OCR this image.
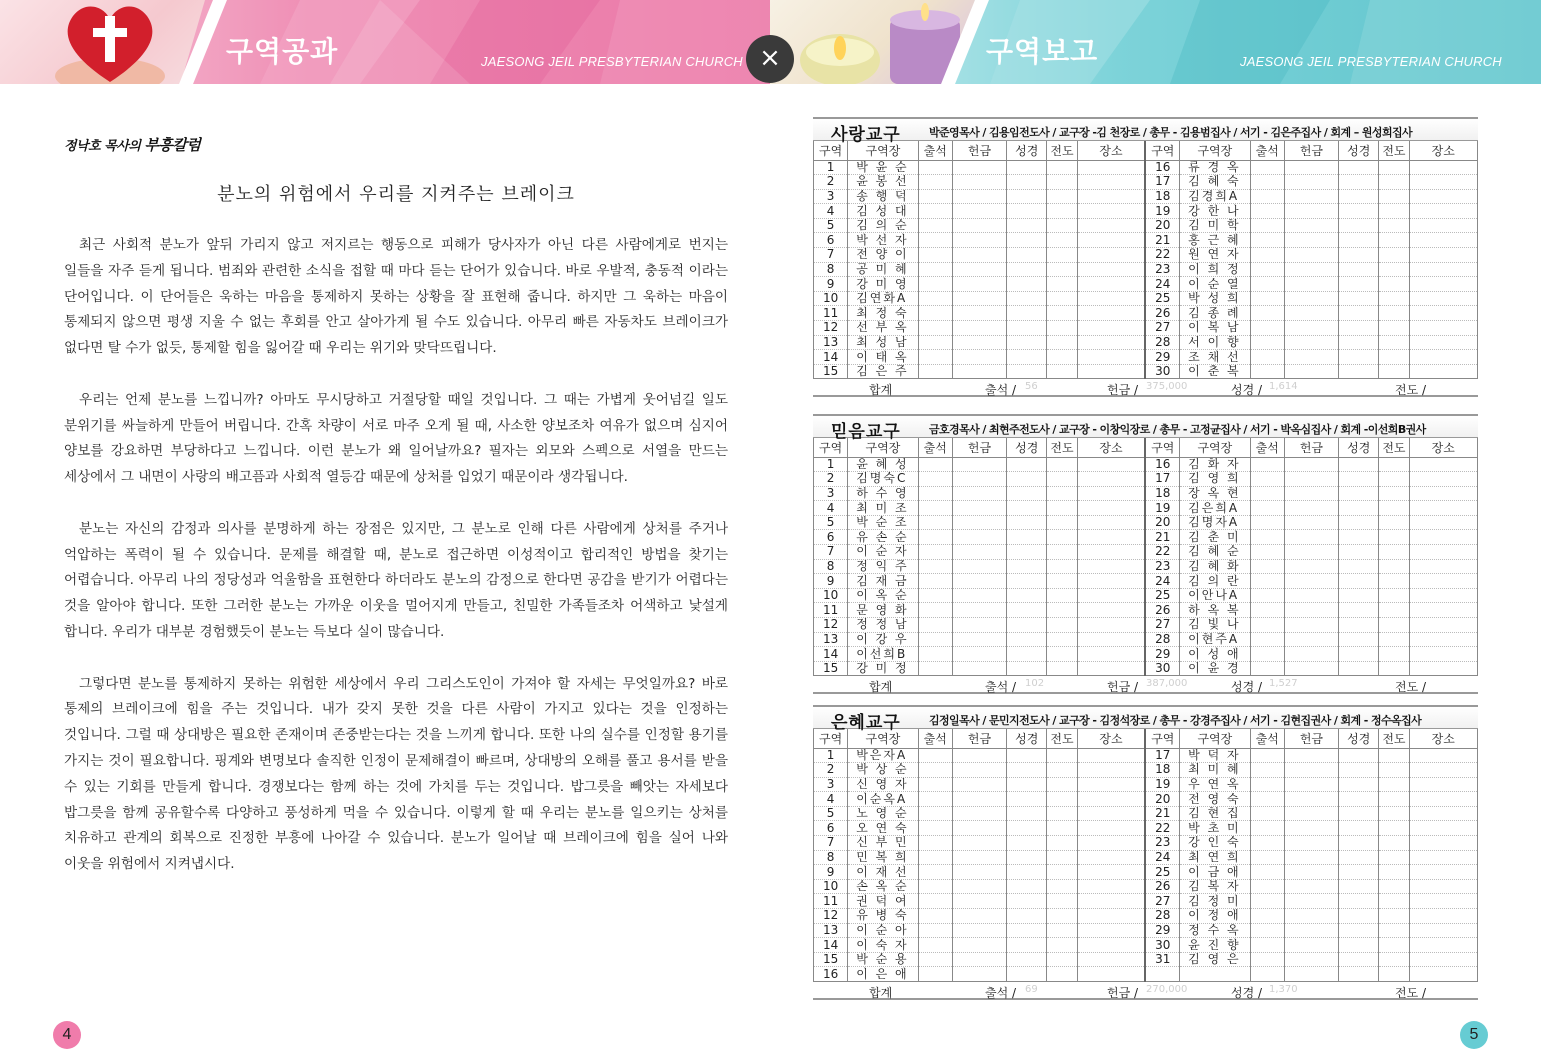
구역공과	JAESONG JEIL PRESBYTERIAN CHURCH	구역보고	JAESONG JEIL PRESBYTERIAN CHURCH
×
정낙호 목사의 부흥칼럼
분노의 위험에서 우리를 지켜주는 브레이크

최근 사회적 분노가 앞뒤 가리지 않고 저지르는 행동으로 피해가 당사자가 아닌 다른 사람에게로 번지는 일들을 자주 듣게 됩니다. 범죄와 관련한 소식을 접할 때 마다 듣는 단어가 있습니다. 바로 우발적, 충동적 이라는 단어입니다. 이 단어들은 욱하는 마음을 통제하지 못하는 상황을 잘 표현해 줍니다. 하지만 그 욱하는 마음이 통제되지 않으면 평생 지울 수 없는 후회를 안고 살아가게 될 수도 있습니다. 아무리 빠른 자동차도 브레이크가 없다면 탈 수가 없듯, 통제할 힘을 잃어갈 때 우리는 위기와 맞닥뜨립니다.

우리는 언제 분노를 느낍니까? 아마도 무시당하고 거절당할 때일 것입니다. 그 때는 가볍게 웃어넘길 일도 분위기를 싸늘하게 만들어 버립니다. 간혹 차량이 서로 마주 오게 될 때, 사소한 양보조차 여유가 없으며 심지어 양보를 강요하면 부당하다고 느낍니다. 이런 분노가 왜 일어날까요? 필자는 외모와 스펙으로 서열을 만드는 세상에서 그 내면이 사랑의 배고픔과 사회적 열등감 때문에 상처를 입었기 때문이라 생각됩니다.

분노는 자신의 감정과 의사를 분명하게 하는 장점은 있지만, 그 분노로 인해 다른 사람에게 상처를 주거나 억압하는 폭력이 될 수 있습니다. 문제를 해결할 때, 분노로 접근하면 이성적이고 합리적인 방법을 찾기는 어렵습니다. 아무리 나의 정당성과 억울함을 표현한다 하더라도 분노의 감정으로 한다면 공감을 받기가 어렵다는 것을 알아야 합니다. 또한 그러한 분노는 가까운 이웃을 멀어지게 만들고, 친밀한 가족들조차 어색하고 낯설게 합니다. 우리가 대부분 경험했듯이 분노는 득보다 실이 많습니다.

그렇다면 분노를 통제하지 못하는 위험한 세상에서 우리 그리스도인이 가져야 할 자세는 무엇일까요? 바로 통제의 브레이크에 힘을 주는 것입니다. 내가 갖지 못한 것을 다른 사람이 가지고 있다는 것을 인정하는 것입니다. 그럴 때 상대방은 필요한 존재이며 존중받는다는 것을 느끼게 합니다. 또한 나의 실수를 인정할 용기를 가지는 것이 필요합니다. 핑계와 변명보다 솔직한 인정이 문제해결이 빠르며, 상대방의 오해를 풀고 용서를 받을 수 있는 기회를 만들게 합니다. 경쟁보다는 함께 하는 것에 가치를 두는 것입니다. 밥그릇을 빼앗는 자세보다 밥그릇을 함께 공유할수록 다양하고 풍성하게 먹을 수 있습니다. 이렇게 할 때 우리는 분노를 일으키는 상처를 치유하고 관계의 회복으로 진정한 부흥에 나아갈 수 있습니다. 분노가 일어날 때 브레이크에 힘을 실어 나와 이웃을 위험에서 지켜냅시다.

4	5
사랑교구	박준영목사 / 김용임전도사 / 교구장 -김 천장로 / 총무 - 김용범집사 / 서기 - 김은주집사 / 회계 – 원성희집사
구역	구역장	출석	헌금	성경	전도	장소	구역	구역장	출석	헌금	성경	전도	장소
1	박 윤 순						16	류 경 옥					
2	윤 봉 선						17	김 혜 숙					
3	송 행 덕						18	김경희A					
4	김 성 대						19	강 한 나					
5	김 의 순						20	김 미 학					
6	박 선 자						21	홍 근 혜					
7	전 양 이						22	원 연 자					
8	공 미 혜						23	이 희 정					
9	강 미 영						24	이 순 열					
10	김연화A						25	박 성 희					
11	최 정 숙						26	김 종 례					
12	선 부 옥						27	이 복 남					
13	최 성 남						28	서 이 향					
14	이 태 옥						29	조 채 선					
15	김 은 주						30	이 춘 복					
합계	출석 / 56	헌금 / 375,000	성경 / 1,614	전도 /
믿음교구	금호경목사 / 최현주전도사 / 교구장 - 이창익장로 / 총무 - 고정균집사 / 서기 - 박옥심집사 / 회계 -이선희B권사
구역	구역장	출석	헌금	성경	전도	장소	구역	구역장	출석	헌금	성경	전도	장소
1	윤 혜 성						16	김 화 자					
2	김명숙C						17	김 영 희					
3	하 수 영						18	장 옥 현					
4	최 미 조						19	김은희A					
5	박 순 조						20	김명자A					
6	유 손 순						21	김 춘 미					
7	이 순 자						22	김 혜 순					
8	정 익 주						23	김 혜 화					
9	김 재 금						24	김 의 란					
10	이 옥 순						25	이안나A					
11	문 영 화						26	하 옥 복					
12	정 정 남						27	김 빛 나					
13	이 강 우						28	이현주A					
14	이선희B						29	이 성 애					
15	강 미 정						30	이 윤 경					
합계	출석 / 102	헌금 / 387,000	성경 / 1,527	전도 /
은혜교구	김정일목사 / 문민지전도사 / 교구장 - 김정석장로 / 총무 - 강경주집사 / 서기 - 김현집권사 / 회계 - 정수옥집사
구역	구역장	출석	헌금	성경	전도	장소	구역	구역장	출석	헌금	성경	전도	장소
1	박은자A						17	박 덕 자					
2	박 상 순						18	최 미 혜					
3	신 영 자						19	우 연 옥					
4	이순옥A						20	전 영 숙					
5	노 영 순						21	김 현 집					
6	오 연 숙						22	박 초 미					
7	신 부 민						23	강 인 숙					
8	민 복 희						24	최 연 희					
9	이 재 선						25	이 금 애					
10	손 옥 순						26	김 복 자					
11	권 덕 여						27	김 정 미					
12	유 병 숙						28	이 정 애					
13	이 순 아						29	정 수 옥					
14	이 숙 자						30	윤 진 향					
15	박 순 용						31	김 영 은					
16	이 은 애												
합계	출석 / 69	헌금 / 270,000	성경 / 1,370	전도 /
